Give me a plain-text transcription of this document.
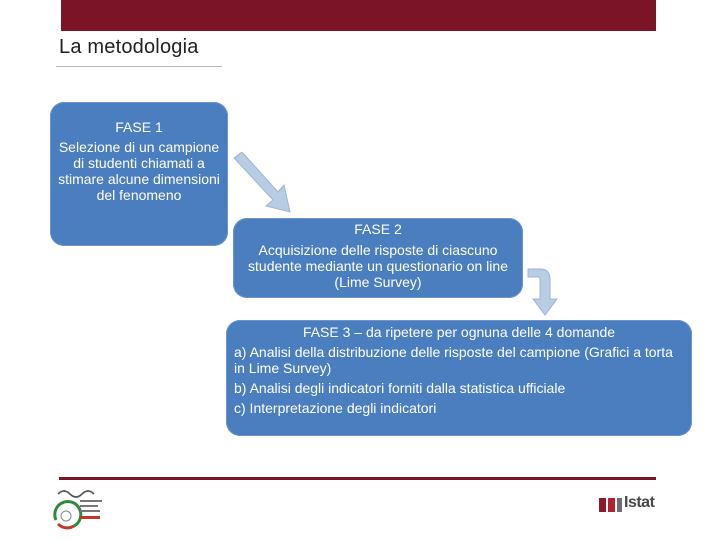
La metodologia
FASE 1
Selezione di un campione di studenti chiamati a stimare alcune dimensioni del fenomeno
FASE 2
Acquisizione delle risposte di ciascuno studente mediante un questionario on line (Lime Survey)
FASE 3 – da ripetere per ognuna delle 4 domande
a) Analisi della distribuzione delle risposte del campione (Grafici a torta in Lime Survey)
b) Analisi degli indicatori forniti dalla statistica ufficiale
c) Interpretazione degli indicatori
Istat
